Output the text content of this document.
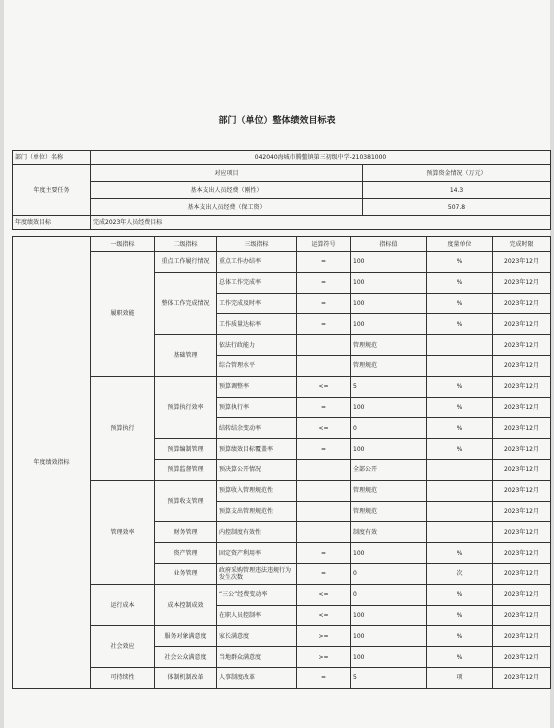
部门（单位）整体绩效目标表
部门（单位）名称	042040海城市腾鳌镇第三初级中学-210381000	
年度主要任务	对应项目	预算资金情况（万元）
	基本支出人员经费（刚性）	14.3
	基本支出人员经费（保工资）	507.8
年度绩效目标	完成2023年人员经费目标	
年度绩效指标	一级指标	二级指标	三级指标	运算符号	指标值	度量单位	完成时限
	履职效能	重点工作履行情况	重点工作办结率	=	100	%	2023年12月
		整体工作完成情况	总体工作完成率	=	100	%	2023年12月
			工作完成及时率	=	100	%	2023年12月
			工作质量达标率	=	100	%	2023年12月
		基础管理	依法行政能力		管理规范		2023年12月
			综合管理水平		管理规范		2023年12月
	预算执行	预算执行效率	预算调整率	<=	5	%	2023年12月
			预算执行率	=	100	%	2023年12月
			结转结余变动率	<=	0	%	2023年12月
		预算编制管理	预算绩效目标覆盖率	=	100	%	2023年12月
		预算监督管理	预决算公开情况		全部公开		2023年12月
	管理效率	预算收支管理	预算收入管理规范性		管理规范		2023年12月
			预算支出管理规范性		管理规范		2023年12月
		财务管理	内控制度有效性		制度有效		2023年12月
		资产管理	固定资产利用率	=	100	%	2023年12月
		业务管理	政府采购管理违法违规行为发生次数	=	0	次	2023年12月
	运行成本	成本控制成效	“三公”经费变动率	<=	0	%	2023年12月
			在职人员控制率	<=	100	%	2023年12月
	社会效应	服务对象满意度	家长满意度	>=	100	%	2023年12月
		社会公众满意度	当地群众满意度	>=	100	%	2023年12月
	可持续性	体制机制改革	人事制度改革	=	5	项	2023年12月
